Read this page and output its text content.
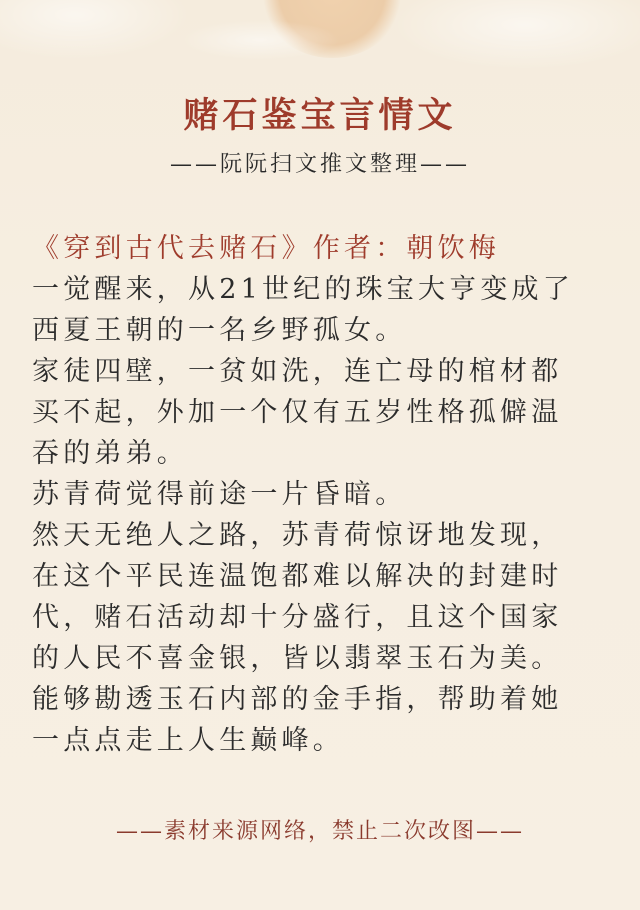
赌石鉴宝言情文

——阮阮扫文推文整理——

《穿到古代去赌石》作者：朝饮梅
一觉醒来，从21世纪的珠宝大亨变成了
西夏王朝的一名乡野孤女。
家徒四壁，一贫如洗，连亡母的棺材都
买不起，外加一个仅有五岁性格孤僻温
吞的弟弟。
苏青荷觉得前途一片昏暗。
然天无绝人之路，苏青荷惊讶地发现，
在这个平民连温饱都难以解决的封建时
代，赌石活动却十分盛行，且这个国家
的人民不喜金银，皆以翡翠玉石为美。
能够勘透玉石内部的金手指，帮助着她
一点点走上人生巅峰。

——素材来源网络，禁止二次改图——
